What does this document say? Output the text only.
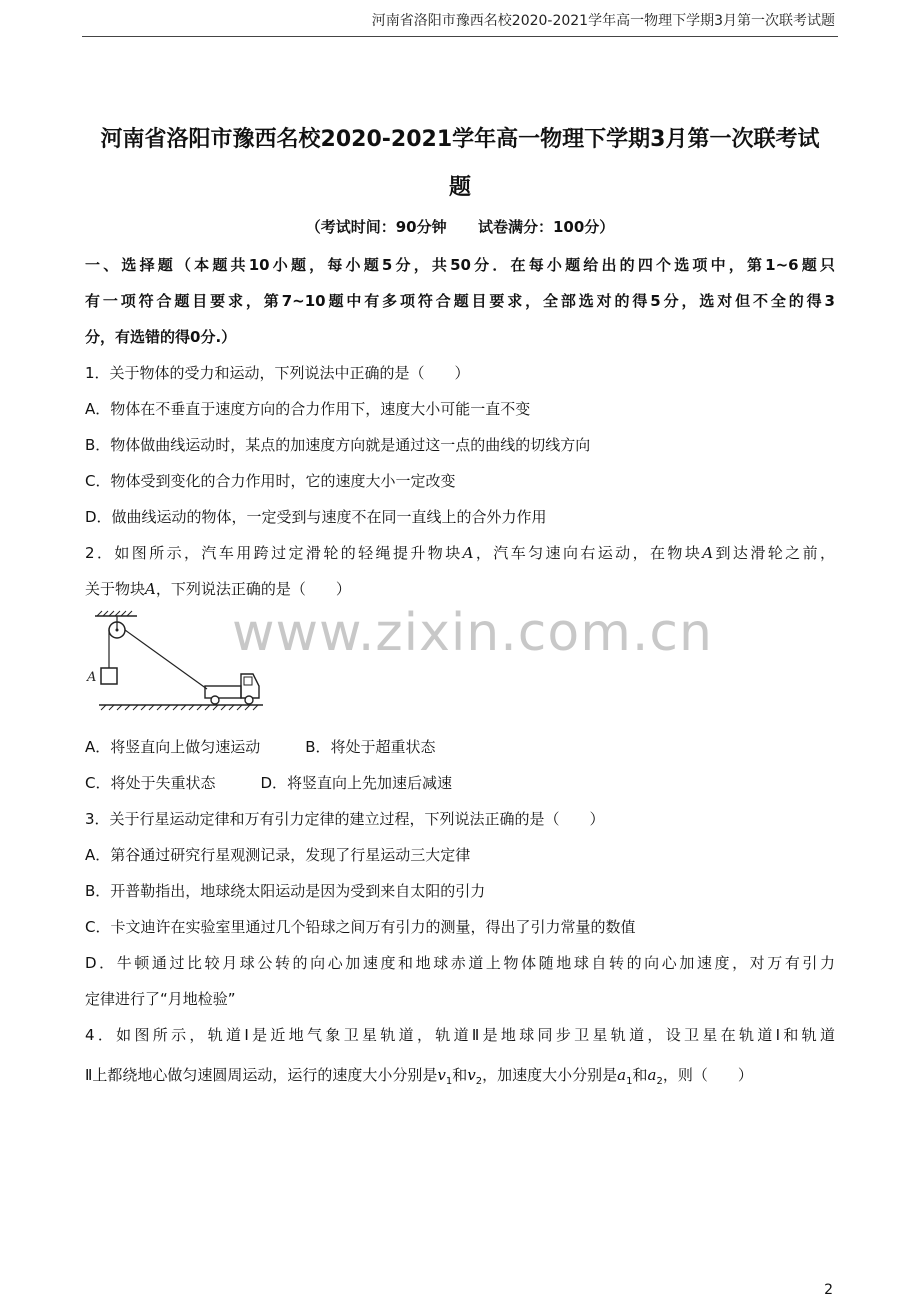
河南省洛阳市豫西名校2020-2021学年高一物理下学期3月第一次联考试题
河南省洛阳市豫西名校2020-2021学年高一物理下学期3月第一次联考试
题
（考试时间：90分钟      试卷满分：100分）
一、选择题（本题共10小题，每小题5分，共50分．在每小题给出的四个选项中，第1~6题只
有一项符合题目要求，第7~10题中有多项符合题目要求，全部选对的得5分，选对但不全的得3
分，有选错的得0分.）
1．关于物体的受力和运动，下列说法中正确的是（　　）
A．物体在不垂直于速度方向的合力作用下，速度大小可能一直不变
B．物体做曲线运动时，某点的加速度方向就是通过这一点的曲线的切线方向
C．物体受到变化的合力作用时，它的速度大小一定改变
D．做曲线运动的物体，一定受到与速度不在同一直线上的合外力作用
2．如图所示，汽车用跨过定滑轮的轻绳提升物块A，汽车匀速向右运动，在物块A到达滑轮之前，
关于物块A，下列说法正确的是（　　）
www.zixin.com.cn
A
A．将竖直向上做匀速运动　　　B．将处于超重状态
C．将处于失重状态　　　D．将竖直向上先加速后减速
3．关于行星运动定律和万有引力定律的建立过程，下列说法正确的是（　　）
A．第谷通过研究行星观测记录，发现了行星运动三大定律
B．开普勒指出，地球绕太阳运动是因为受到来自太阳的引力
C．卡文迪许在实验室里通过几个铅球之间万有引力的测量，得出了引力常量的数值
D．牛顿通过比较月球公转的向心加速度和地球赤道上物体随地球自转的向心加速度，对万有引力
定律进行了“月地检验”
4．如图所示，轨道Ⅰ是近地气象卫星轨道，轨道Ⅱ是地球同步卫星轨道，设卫星在轨道Ⅰ和轨道
Ⅱ上都绕地心做匀速圆周运动，运行的速度大小分别是$v_1$和$v_2$，加速度大小分别是$a_1$和$a_2$，则（　　）
2
